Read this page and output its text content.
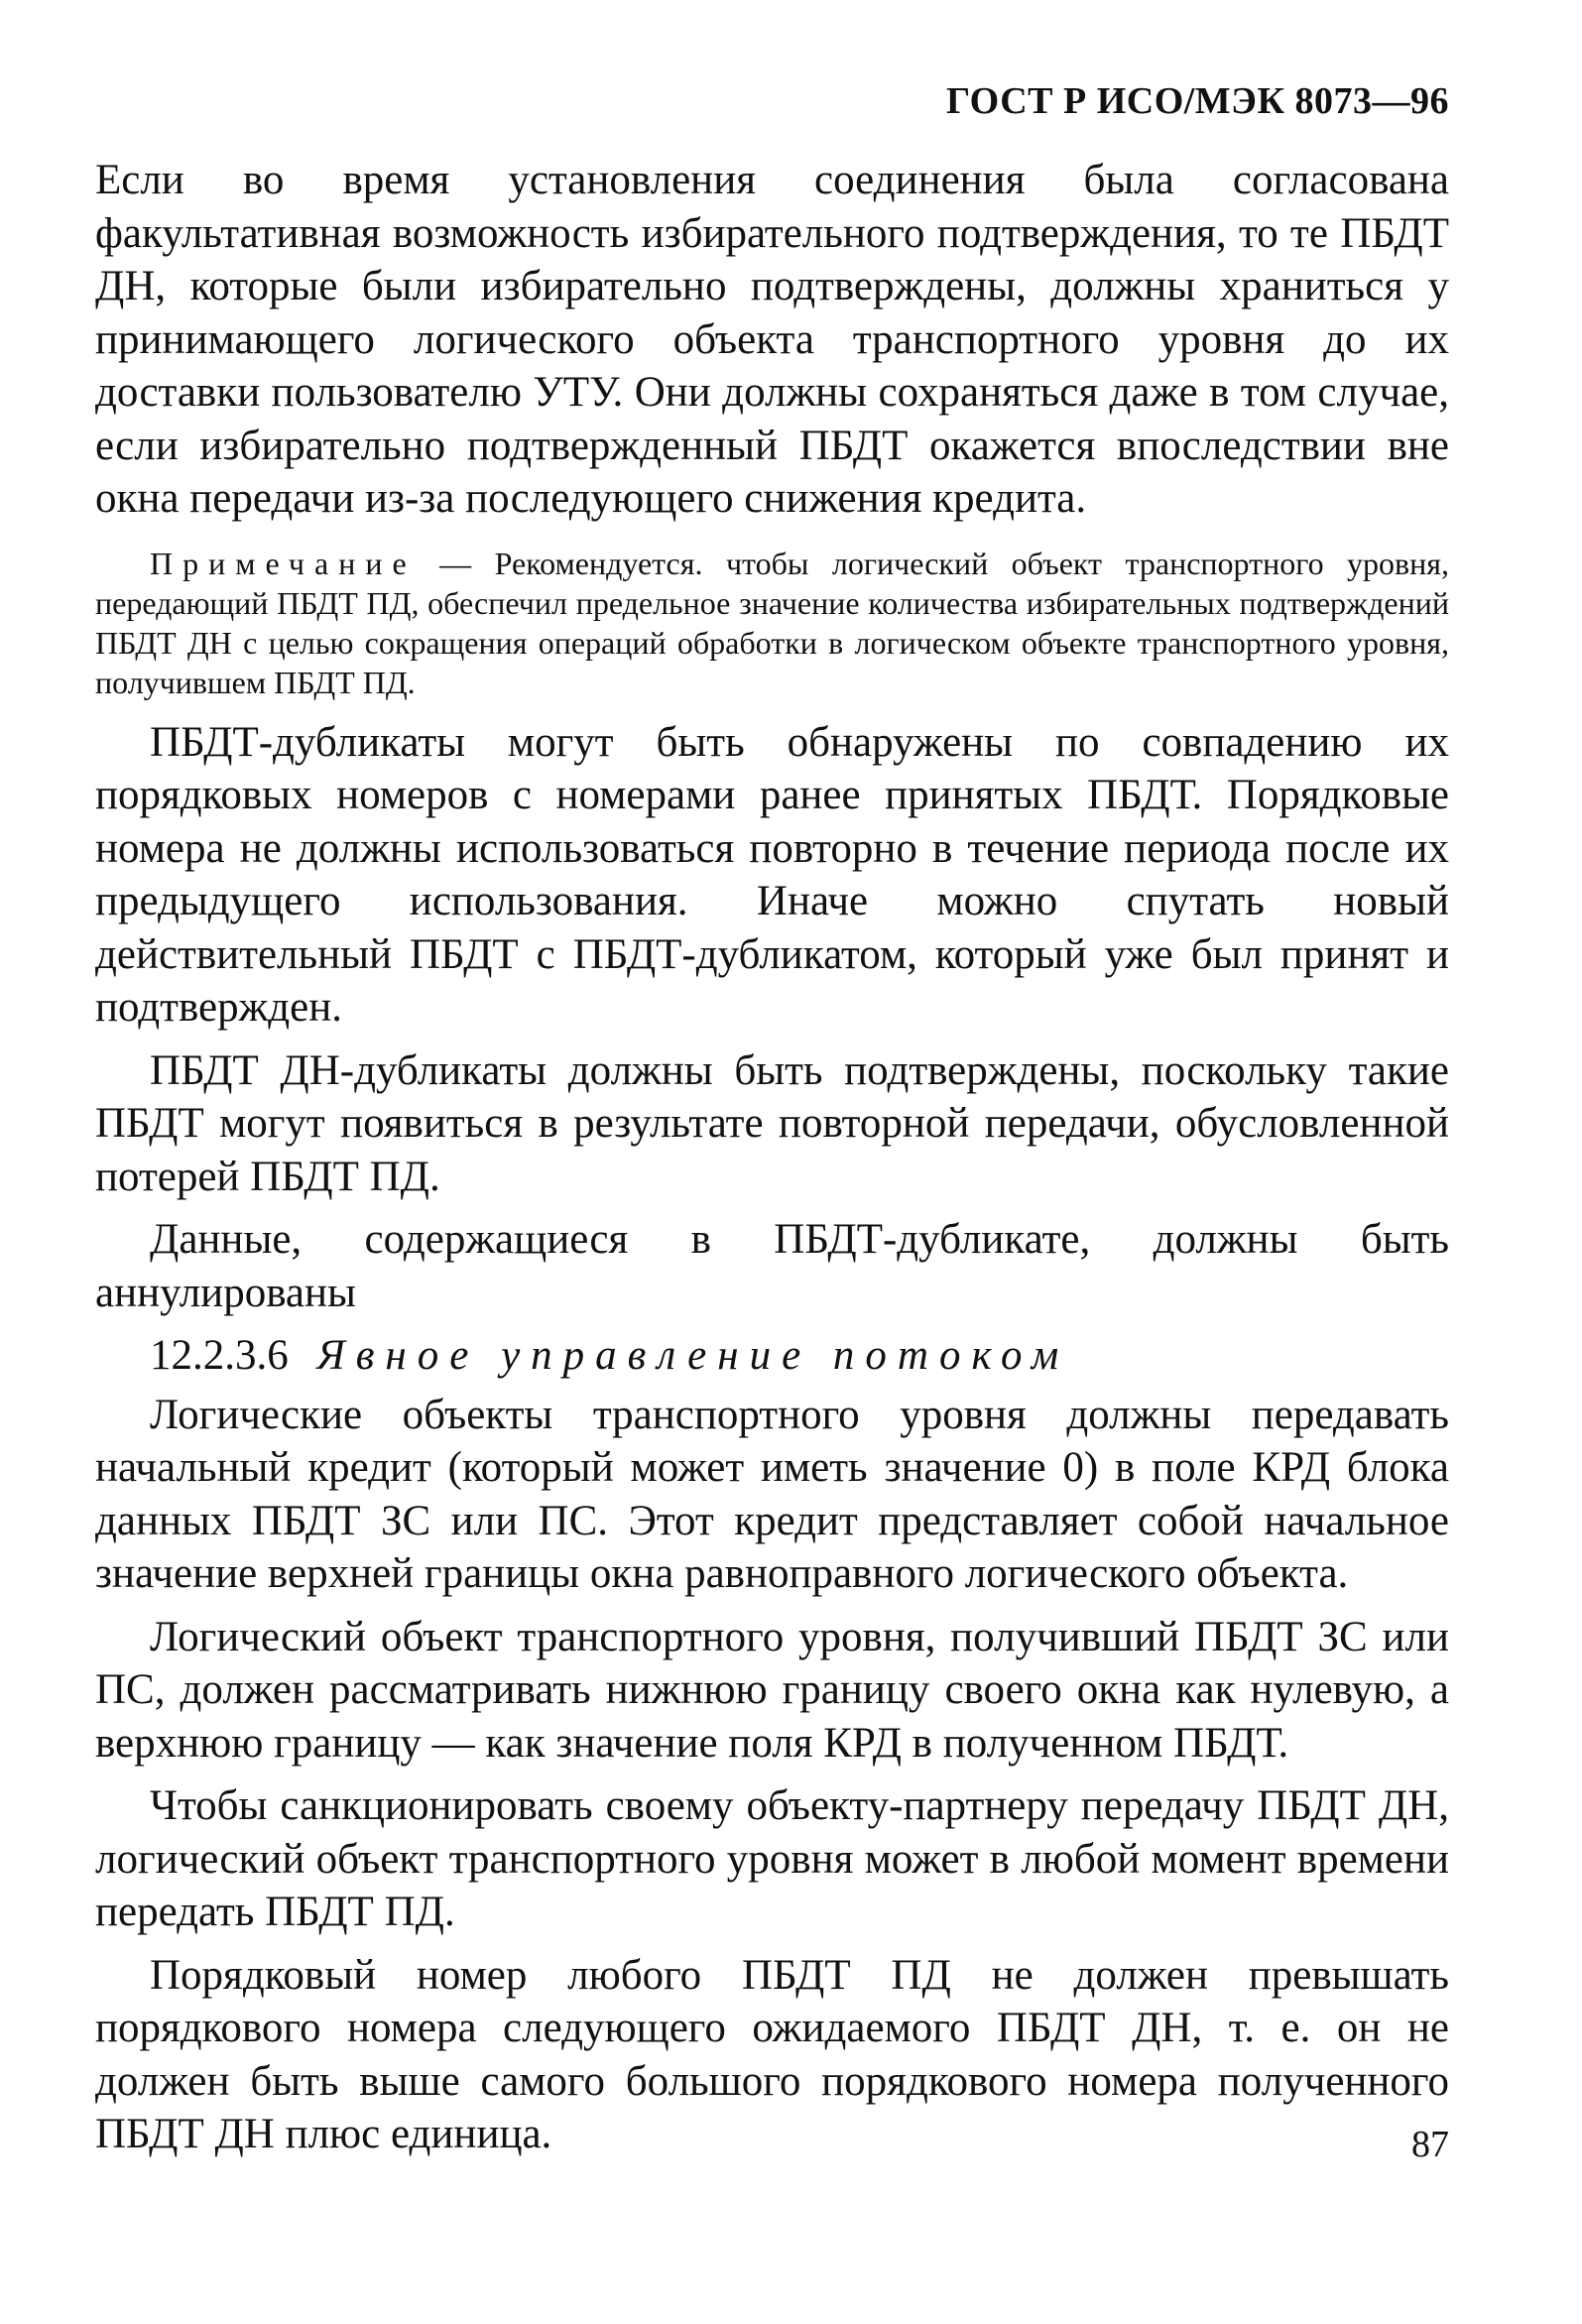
ГОСТ Р ИСО/МЭК 8073—96

Если во время установления соединения была согласована факультативная возможность избирательного подтверждения, то те ПБДТ ДН, которые были избирательно подтверждены, должны храниться у принимающего логического объекта транспортного уровня до их доставки пользователю УТУ. Они должны сохраняться даже в том случае, если избирательно подтвержденный ПБДТ окажется впоследствии вне окна передачи из-за последующего снижения кредита.

Примечание — Рекомендуется. чтобы логический объект транспортного уровня, передающий ПБДТ ПД, обеспечил предельное значение количества избирательных подтверждений ПБДТ ДН с целью сокращения операций обработки в логическом объекте транспортного уровня, получившем ПБДТ ПД.

ПБДТ-дубликаты могут быть обнаружены по совпадению их порядковых номеров с номерами ранее принятых ПБДТ. Порядковые номера не должны использоваться повторно в течение периода после их предыдущего использования. Иначе можно спутать новый действительный ПБДТ с ПБДТ-дубликатом, который уже был принят и подтвержден.

ПБДТ ДН-дубликаты должны быть подтверждены, поскольку такие ПБДТ могут появиться в результате повторной передачи, обусловленной потерей ПБДТ ПД.

Данные, содержащиеся в ПБДТ-дубликате, должны быть аннулированы

12.2.3.6 Явное управление потоком

Логические объекты транспортного уровня должны передавать начальный кредит (который может иметь значение 0) в поле КРД блока данных ПБДТ ЗС или ПС. Этот кредит представляет собой начальное значение верхней границы окна равноправного логического объекта.

Логический объект транспортного уровня, получивший ПБДТ ЗС или ПС, должен рассматривать нижнюю границу своего окна как нулевую, а верхнюю границу — как значение поля КРД в полученном ПБДТ.

Чтобы санкционировать своему объекту-партнеру передачу ПБДТ ДН, логический объект транспортного уровня может в любой момент времени передать ПБДТ ПД.

Порядковый номер любого ПБДТ ПД не должен превышать порядкового номера следующего ожидаемого ПБДТ ДН, т. е. он не должен быть выше самого большого порядкового номера полученного ПБДТ ДН плюс единица.	87
